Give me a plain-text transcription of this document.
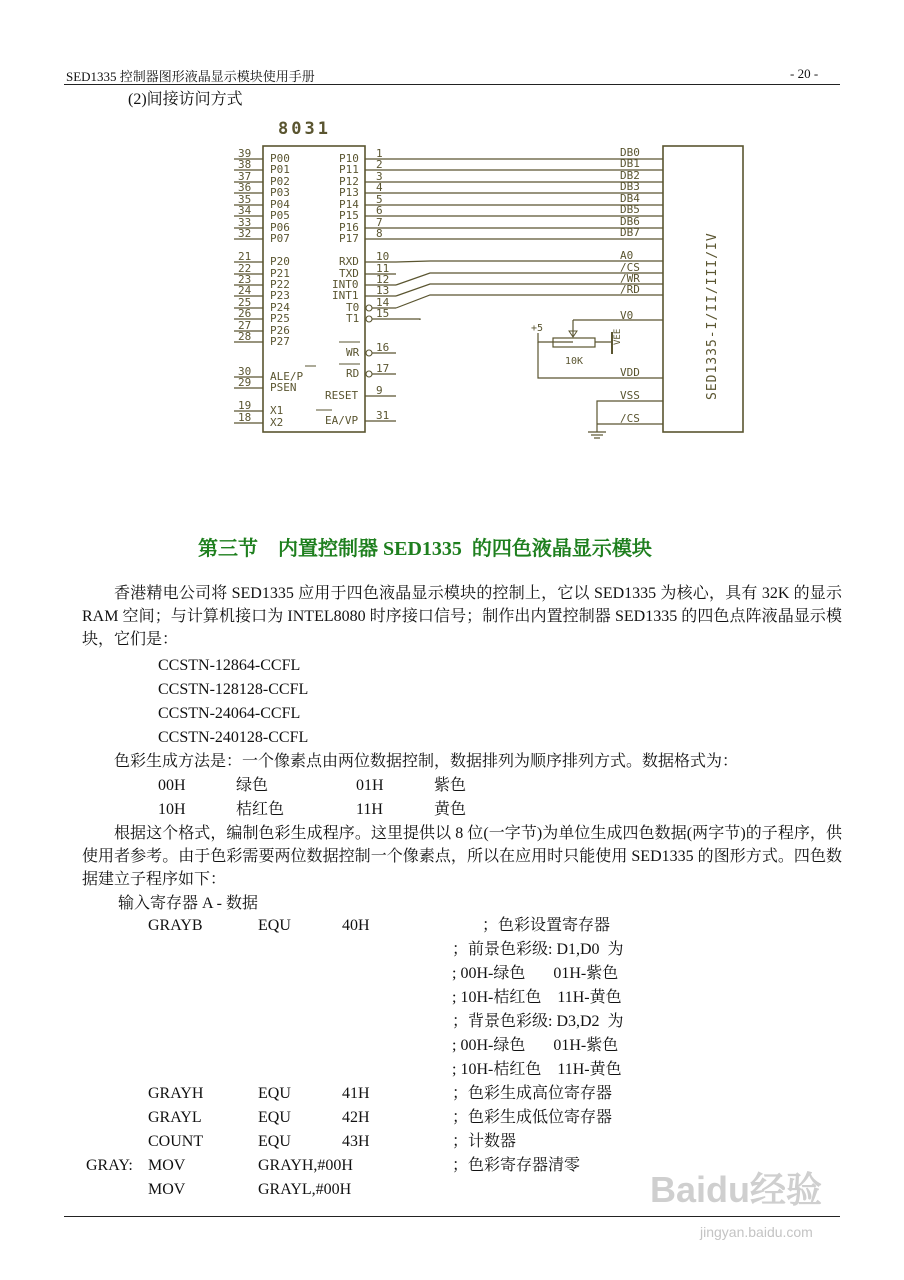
SED1335 控制器图形液晶显示模块使用手册	- 20 -
(2)间接访问方式
8031
39 P00
38 P01
37 P02
36 P03
35 P04
34 P05
33 P06
32 P07
21 P20
22 P21
23 P22
24 P23
25 P24
26 P25
27 P26
28 P27
30 ALE/P
29 PSEN
19 X1
18 X2
P10 1
P11 2
P12 3
P13 4
P14 5
P15 6
P16 7
P17 8
RXD 10
TXD 11
INT0 12
INT1 13
T0 14
T1 15
WR 16
RD 17
RESET 9
EA/VP 31
SED1335-I/II/III/IV
DB0
DB1
DB2
DB3
DB4
DB5
DB6
DB7
A0
/CS
/WR
/RD
V0
VDD
VSS
/CS
+5
VEE
10K
第三节    内置控制器 SED1335  的四色液晶显示模块
香港精电公司将 SED1335 应用于四色液晶显示模块的控制上，它以 SED1335 为核心，具有 32K 的显示 RAM 空间；与计算机接口为 INTEL8080 时序接口信号；制作出内置控制器 SED1335 的四色点阵液晶显示模块，它们是：
CCSTN-12864-CCFL
CCSTN-128128-CCFL
CCSTN-24064-CCFL
CCSTN-240128-CCFL
色彩生成方法是：一个像素点由两位数据控制，数据排列为顺序排列方式。数据格式为：
00H	绿色	01H	紫色
10H	桔红色	11H	黄色
根据这个格式，编制色彩生成程序。这里提供以 8 位(一字节)为单位生成四色数据(两字节)的子程序，供使用者参考。由于色彩需要两位数据控制一个像素点，所以在应用时只能使用 SED1335 的图形方式。四色数据建立子程序如下：
输入寄存器 A - 数据
GRAYB	EQU	40H	；色彩设置寄存器
；前景色彩级: D1,D0  为
; 00H-绿色       01H-紫色
; 10H-桔红色    11H-黄色
；背景色彩级: D3,D2  为
; 00H-绿色       01H-紫色
; 10H-桔红色    11H-黄色
GRAYH	EQU	41H	；色彩生成高位寄存器
GRAYL	EQU	42H	；色彩生成低位寄存器
COUNT	EQU	43H	；计数器
GRAY: MOV	GRAYH,#00H	；色彩寄存器清零
MOV	GRAYL,#00H	Baidu经验
jingyan.baidu.com
